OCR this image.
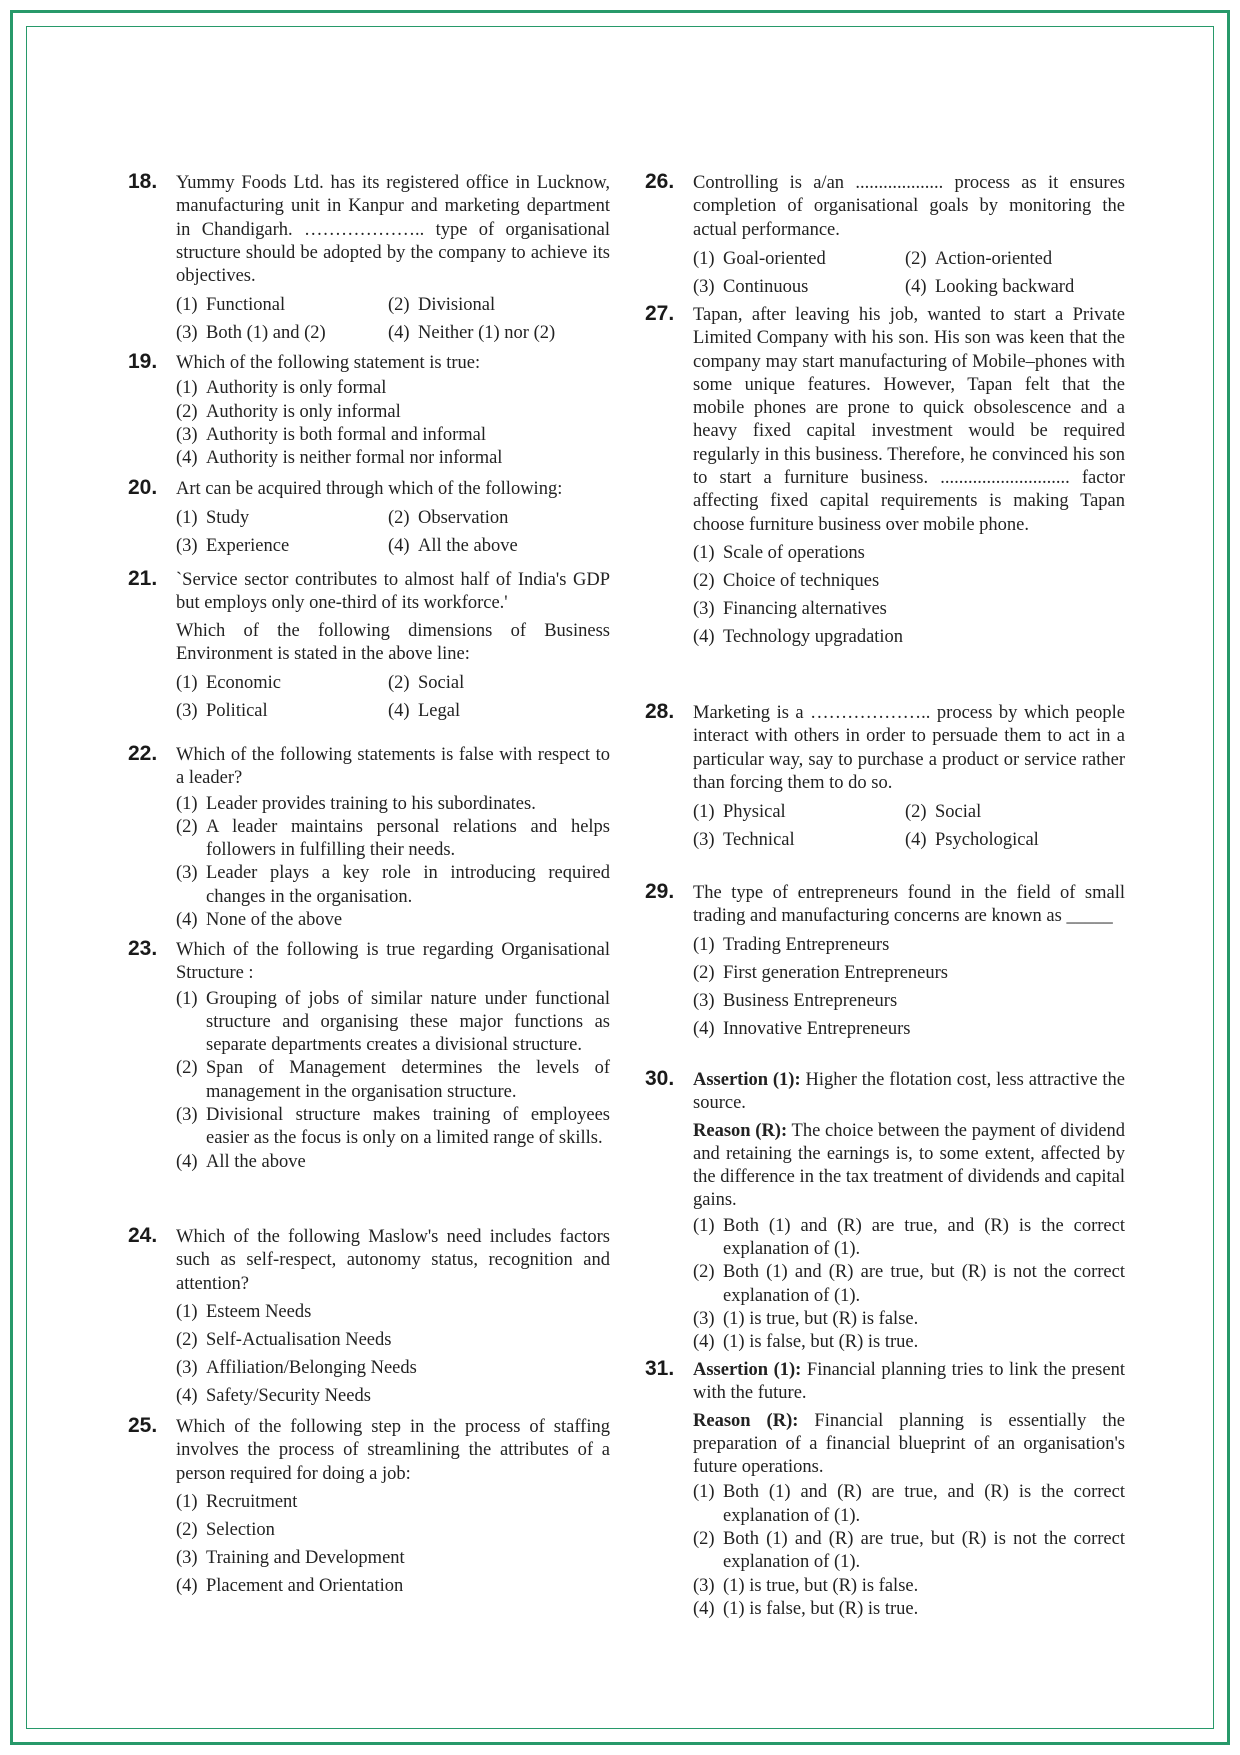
18. Yummy Foods Ltd. has its registered office in Lucknow, manufacturing unit in Kanpur and marketing department in Chandigarh. ……………….. type of organisational structure should be adopted by the company to achieve its objectives.
(1) Functional	(2) Divisional
(3) Both (1) and (2)	(4) Neither (1) nor (2)
19. Which of the following statement is true:
(1) Authority is only formal
(2) Authority is only informal
(3) Authority is both formal and informal
(4) Authority is neither formal nor informal
20. Art can be acquired through which of the following:
(1) Study	(2) Observation
(3) Experience	(4) All the above
21. `Service sector contributes to almost half of India's GDP but employs only one-third of its workforce.'
Which of the following dimensions of Business Environment is stated in the above line:
(1) Economic	(2) Social
(3) Political	(4) Legal
22. Which of the following statements is false with respect to a leader?
(1) Leader provides training to his subordinates.
(2) A leader maintains personal relations and helps followers in fulfilling their needs.
(3) Leader plays a key role in introducing required changes in the organisation.
(4) None of the above
23. Which of the following is true regarding Organisational Structure :
(1) Grouping of jobs of similar nature under functional structure and organising these major functions as separate departments creates a divisional structure.
(2) Span of Management determines the levels of management in the organisation structure.
(3) Divisional structure makes training of employees easier as the focus is only on a limited range of skills.
(4) All the above
24. Which of the following Maslow's need includes factors such as self-respect, autonomy status, recognition and attention?
(1) Esteem Needs
(2) Self-Actualisation Needs
(3) Affiliation/Belonging Needs
(4) Safety/Security Needs
25. Which of the following step in the process of staffing involves the process of streamlining the attributes of a person required for doing a job:
(1) Recruitment
(2) Selection
(3) Training and Development
(4) Placement and Orientation
26. Controlling is a/an ................... process as it ensures completion of organisational goals by monitoring the actual performance.
(1) Goal-oriented	(2) Action-oriented
(3) Continuous	(4) Looking backward
27. Tapan, after leaving his job, wanted to start a Private Limited Company with his son. His son was keen that the company may start manufacturing of Mobile–phones with some unique features. However, Tapan felt that the mobile phones are prone to quick obsolescence and a heavy fixed capital investment would be required regularly in this business. Therefore, he convinced his son to start a furniture business. ............................ factor affecting fixed capital requirements is making Tapan choose furniture business over mobile phone.
(1) Scale of operations
(2) Choice of techniques
(3) Financing alternatives
(4) Technology upgradation
28. Marketing is a ……………….. process by which people interact with others in order to persuade them to act in a particular way, say to purchase a product or service rather than forcing them to do so.
(1) Physical	(2) Social
(3) Technical	(4) Psychological
29. The type of entrepreneurs found in the field of small trading and manufacturing concerns are known as _____
(1) Trading Entrepreneurs
(2) First generation Entrepreneurs
(3) Business Entrepreneurs
(4) Innovative Entrepreneurs
30. Assertion (1): Higher the flotation cost, less attractive the source.
Reason (R): The choice between the payment of dividend and retaining the earnings is, to some extent, affected by the difference in the tax treatment of dividends and capital gains.
(1) Both (1) and (R) are true, and (R) is the correct explanation of (1).
(2) Both (1) and (R) are true, but (R) is not the correct explanation of (1).
(3) (1) is true, but (R) is false.
(4) (1) is false, but (R) is true.
31. Assertion (1): Financial planning tries to link the present with the future.
Reason (R): Financial planning is essentially the preparation of a financial blueprint of an organisation's future operations.
(1) Both (1) and (R) are true, and (R) is the correct explanation of (1).
(2) Both (1) and (R) are true, but (R) is not the correct explanation of (1).
(3) (1) is true, but (R) is false.
(4) (1) is false, but (R) is true.
